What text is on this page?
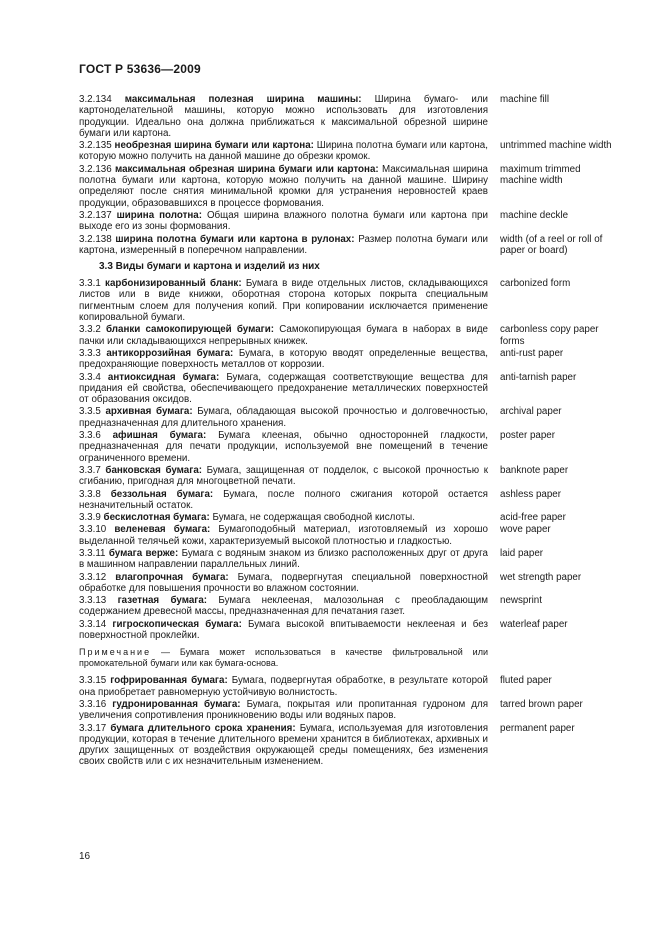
ГОСТ Р 53636—2009
3.2.134 максимальная полезная ширина машины: Ширина бумаго- или картоноделательной машины, которую можно использовать для изготовления продукции. Идеально она должна приближаться к максимальной обрезной ширине бумаги или картона.
machine fill
3.2.135 необрезная ширина бумаги или картона: Ширина полотна бумаги или картона, которую можно получить на данной машине до обрезки кромок.
untrimmed machine width
3.2.136 максимальная обрезная ширина бумаги или картона: Максимальная ширина полотна бумаги или картона, которую можно получить на данной машине. Ширину определяют после снятия минимальной кромки для устранения неровностей краев продукции, образовавшихся в процессе формования.
maximum trimmed machine width
3.2.137 ширина полотна: Общая ширина влажного полотна бумаги или картона при выходе его из зоны формования.
machine deckle
3.2.138 ширина полотна бумаги или картона в рулонах: Размер полотна бумаги или картона, измеренный в поперечном направлении.
width (of a reel or roll of paper or board)
3.3 Виды бумаги и картона и изделий из них
3.3.1 карбонизированный бланк: Бумага в виде отдельных листов, складывающихся листов или в виде книжки, оборотная сторона которых покрыта специальным пигментным слоем для получения копий. При копировании исключается применение копировальной бумаги.
carbonized form
3.3.2 бланки самокопирующей бумаги: Самокопирующая бумага в наборах в виде пачки или складывающихся непрерывных книжек.
carbonless copy paper forms
3.3.3 антикоррозийная бумага: Бумага, в которую вводят определенные вещества, предохраняющие поверхность металлов от коррозии.
anti-rust paper
3.3.4 антиоксидная бумага: Бумага, содержащая соответствующие вещества для придания ей свойства, обеспечивающего предохранение металлических поверхностей от образования оксидов.
anti-tarnish paper
3.3.5 архивная бумага: Бумага, обладающая высокой прочностью и долговечностью, предназначенная для длительного хранения.
archival paper
3.3.6 афишная бумага: Бумага клееная, обычно односторонней гладкости, предназначенная для печати продукции, используемой вне помещений в течение ограниченного времени.
poster paper
3.3.7 банковская бумага: Бумага, защищенная от подделок, с высокой прочностью к сгибанию, пригодная для многоцветной печати.
banknote paper
3.3.8 беззольная бумага: Бумага, после полного сжигания которой остается незначительный остаток.
ashless paper
3.3.9 бескислотная бумага: Бумага, не содержащая свободной кислоты.	acid-free paper
3.3.10 веленевая бумага: Бумагоподобный материал, изготовляемый из хорошо выделанной телячьей кожи, характеризуемый высокой плотностью и гладкостью.
wove paper
3.3.11 бумага верже: Бумага с водяным знаком из близко расположенных друг от друга в машинном направлении параллельных линий.
laid paper
3.3.12 влагопрочная бумага: Бумага, подвергнутая специальной поверхностной обработке для повышения прочности во влажном состоянии.
wet strength paper
3.3.13 газетная бумага: Бумага неклееная, малозольная с преобладающим содержанием древесной массы, предназначенная для печатания газет.
newsprint
3.3.14 гигроскопическая бумага: Бумага высокой впитываемости неклееная и без поверхностной проклейки.
waterleaf paper
Примечание — Бумага может использоваться в качестве фильтровальной или промокательной бумаги или как бумага-основа.
3.3.15 гофрированная бумага: Бумага, подвергнутая обработке, в результате которой она приобретает равномерную устойчивую волнистость.
fluted paper
3.3.16 гудронированная бумага: Бумага, покрытая или пропитанная гудроном для увеличения сопротивления проникновению воды или водяных паров.
tarred brown paper
3.3.17 бумага длительного срока хранения: Бумага, используемая для изготовления продукции, которая в течение длительного времени хранится в библиотеках, архивных и других защищенных от воздействия окружающей среды помещениях, без изменения своих свойств или с их незначительным изменением.
permanent paper
16
